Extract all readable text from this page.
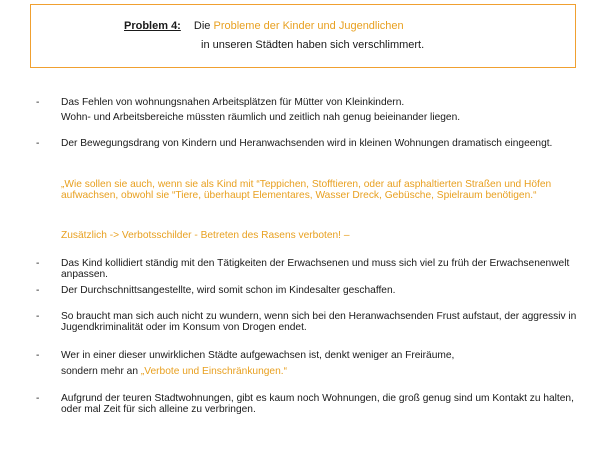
Problem 4: Die Probleme der Kinder und Jugendlichen
in unseren Städten haben sich verschlimmert.
- Das Fehlen von wohnungsnahen Arbeitsplätzen für Mütter von Kleinkindern.
Wohn- und Arbeitsbereiche müssten räumlich und zeitlich nah genug beieinander liegen.
- Der Bewegungsdrang von Kindern und Heranwachsenden wird in kleinen Wohnungen dramatisch eingeengt.
„Wie sollen sie auch, wenn sie als Kind mit “Teppichen, Stofftieren, oder auf asphaltierten Straßen und Höfen aufwachsen, obwohl sie “Tiere, überhaupt Elementares, Wasser Dreck, Gebüsche, Spielraum benötigen.“
Zusätzlich -> Verbotsschilder - Betreten des Rasens verboten! –
- Das Kind kollidiert ständig mit den Tätigkeiten der Erwachsenen und muss sich viel zu früh der Erwachsenenwelt anpassen.
- Der Durchschnittsangestellte, wird somit schon im Kindesalter geschaffen.
- So braucht man sich auch nicht zu wundern, wenn sich bei den Heranwachsenden Frust aufstaut, der aggressiv in Jugendkriminalität oder im Konsum von Drogen endet.
- Wer in einer dieser unwirklichen Städte aufgewachsen ist, denkt weniger an Freiräume,
sondern mehr an „Verbote und Einschränkungen.“
- Aufgrund der teuren Stadtwohnungen, gibt es kaum noch Wohnungen, die groß genug sind um Kontakt zu halten, oder mal Zeit für sich alleine zu verbringen.
